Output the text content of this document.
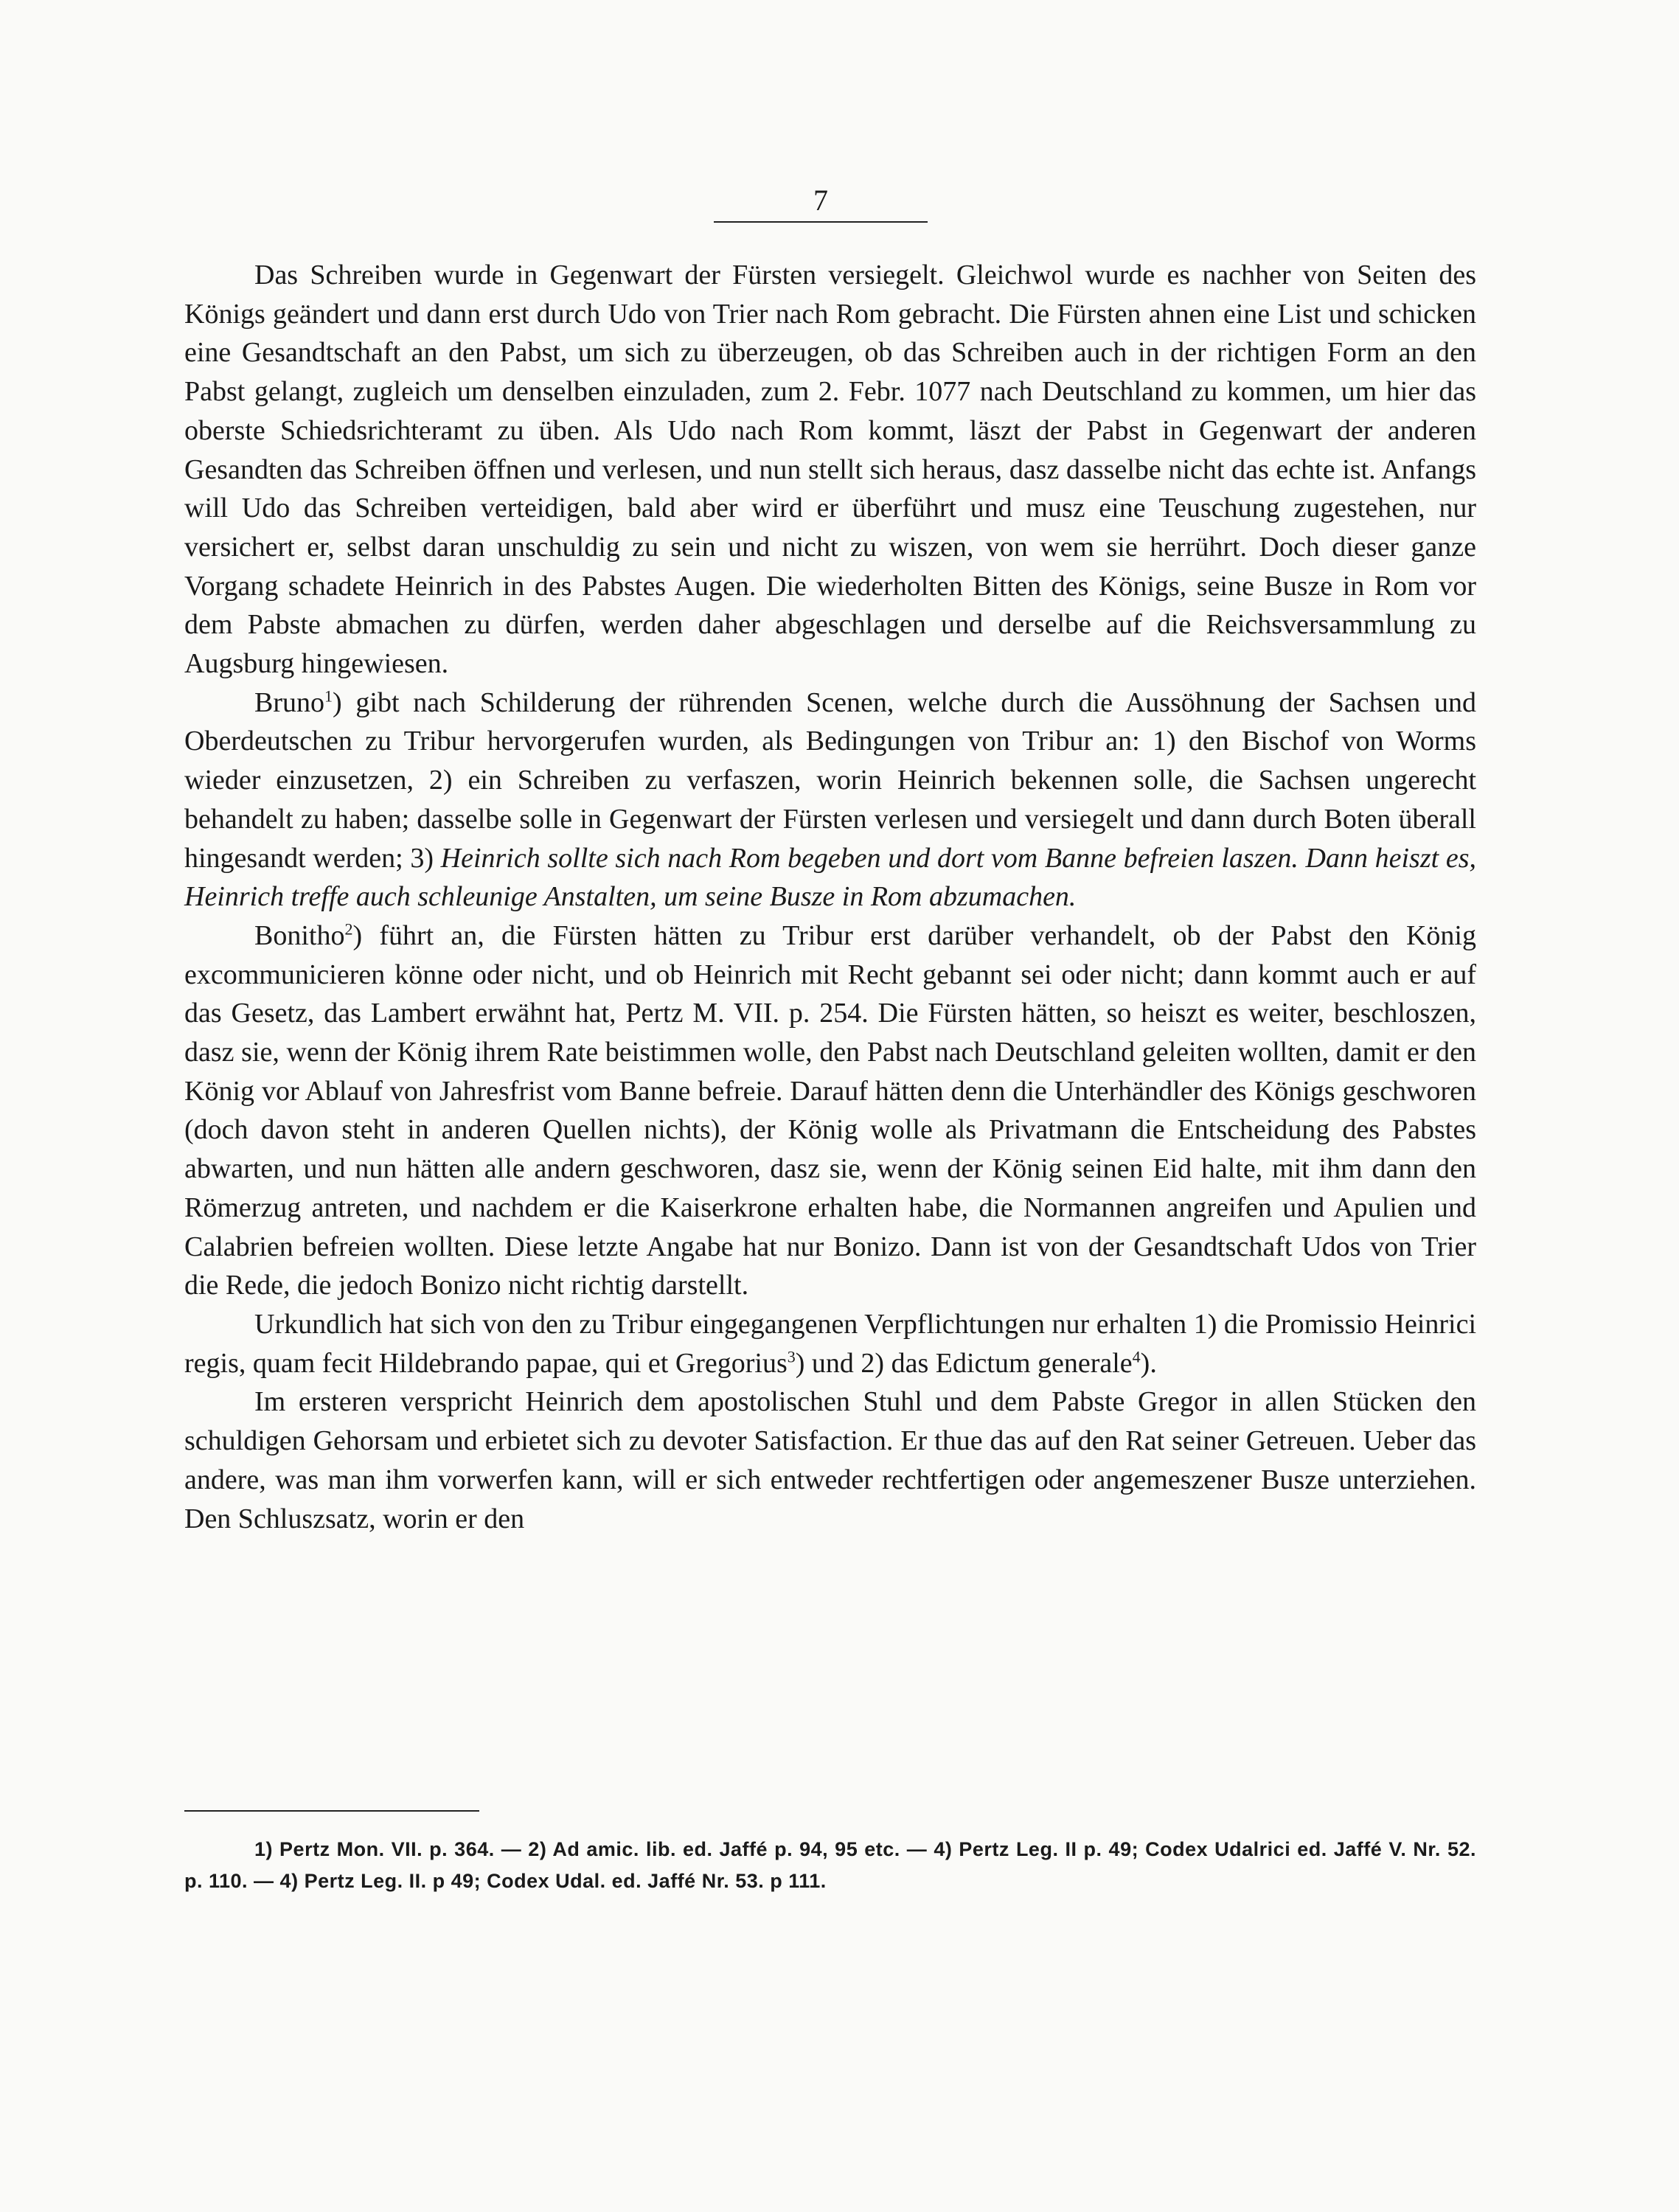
7

Das Schreiben wurde in Gegenwart der Fürsten versiegelt. Gleichwol wurde es nachher von Seiten des Königs geändert und dann erst durch Udo von Trier nach Rom gebracht. Die Fürsten ahnen eine List und schicken eine Gesandtschaft an den Pabst, um sich zu überzeugen, ob das Schreiben auch in der richtigen Form an den Pabst gelangt, zugleich um denselben einzuladen, zum 2. Febr. 1077 nach Deutschland zu kommen, um hier das oberste Schiedsrichteramt zu üben. Als Udo nach Rom kommt, läszt der Pabst in Gegenwart der anderen Gesandten das Schreiben öffnen und verlesen, und nun stellt sich heraus, dasz dasselbe nicht das echte ist. Anfangs will Udo das Schreiben verteidigen, bald aber wird er überführt und musz eine Teuschung zugestehen, nur versichert er, selbst daran unschuldig zu sein und nicht zu wiszen, von wem sie herrührt. Doch dieser ganze Vorgang schadete Heinrich in des Pabstes Augen. Die wiederholten Bitten des Königs, seine Busze in Rom vor dem Pabste abmachen zu dürfen, werden daher abgeschlagen und derselbe auf die Reichsversammlung zu Augsburg hingewiesen.

Bruno$^1$) gibt nach Schilderung der rührenden Scenen, welche durch die Aussöhnung der Sachsen und Oberdeutschen zu Tribur hervorgerufen wurden, als Bedingungen von Tribur an: 1) den Bischof von Worms wieder einzusetzen, 2) ein Schreiben zu verfaszen, worin Heinrich bekennen solle, die Sachsen ungerecht behandelt zu haben; dasselbe solle in Gegenwart der Fürsten verlesen und versiegelt und dann durch Boten überall hingesandt werden; 3) Heinrich sollte sich nach Rom begeben und dort vom Banne befreien laszen. Dann heiszt es, Heinrich treffe auch schleunige Anstalten, um seine Busze in Rom abzumachen.

Bonitho$^2$) führt an, die Fürsten hätten zu Tribur erst darüber verhandelt, ob der Pabst den König excommunicieren könne oder nicht, und ob Heinrich mit Recht gebannt sei oder nicht; dann kommt auch er auf das Gesetz, das Lambert erwähnt hat, Pertz M. VII. p. 254. Die Fürsten hätten, so heiszt es weiter, beschloszen, dasz sie, wenn der König ihrem Rate beistimmen wolle, den Pabst nach Deutschland geleiten wollten, damit er den König vor Ablauf von Jahresfrist vom Banne befreie. Darauf hätten denn die Unterhändler des Königs geschworen (doch davon steht in anderen Quellen nichts), der König wolle als Privatmann die Entscheidung des Pabstes abwarten, und nun hätten alle andern geschworen, dasz sie, wenn der König seinen Eid halte, mit ihm dann den Römerzug antreten, und nachdem er die Kaiserkrone erhalten habe, die Normannen angreifen und Apulien und Calabrien befreien wollten. Diese letzte Angabe hat nur Bonizo. Dann ist von der Gesandtschaft Udos von Trier die Rede, die jedoch Bonizo nicht richtig darstellt.

Urkundlich hat sich von den zu Tribur eingegangenen Verpflichtungen nur erhalten 1) die Promissio Heinrici regis, quam fecit Hildebrando papae, qui et Gregorius$^3$) und 2) das Edictum generale$^4$).

Im ersteren verspricht Heinrich dem apostolischen Stuhl und dem Pabste Gregor in allen Stücken den schuldigen Gehorsam und erbietet sich zu devoter Satisfaction. Er thue das auf den Rat seiner Getreuen. Ueber das andere, was man ihm vorwerfen kann, will er sich entweder rechtfertigen oder angemeszener Busze unterziehen. Den Schluszsatz, worin er den

1) Pertz Mon. VII. p. 364. — 2) Ad amic. lib. ed. Jaffé p. 94, 95 etc. — 4) Pertz Leg. II p. 49; Codex Udalrici ed. Jaffé V. Nr. 52. p. 110. — 4) Pertz Leg. II. p 49; Codex Udal. ed. Jaffé Nr. 53. p 111.
